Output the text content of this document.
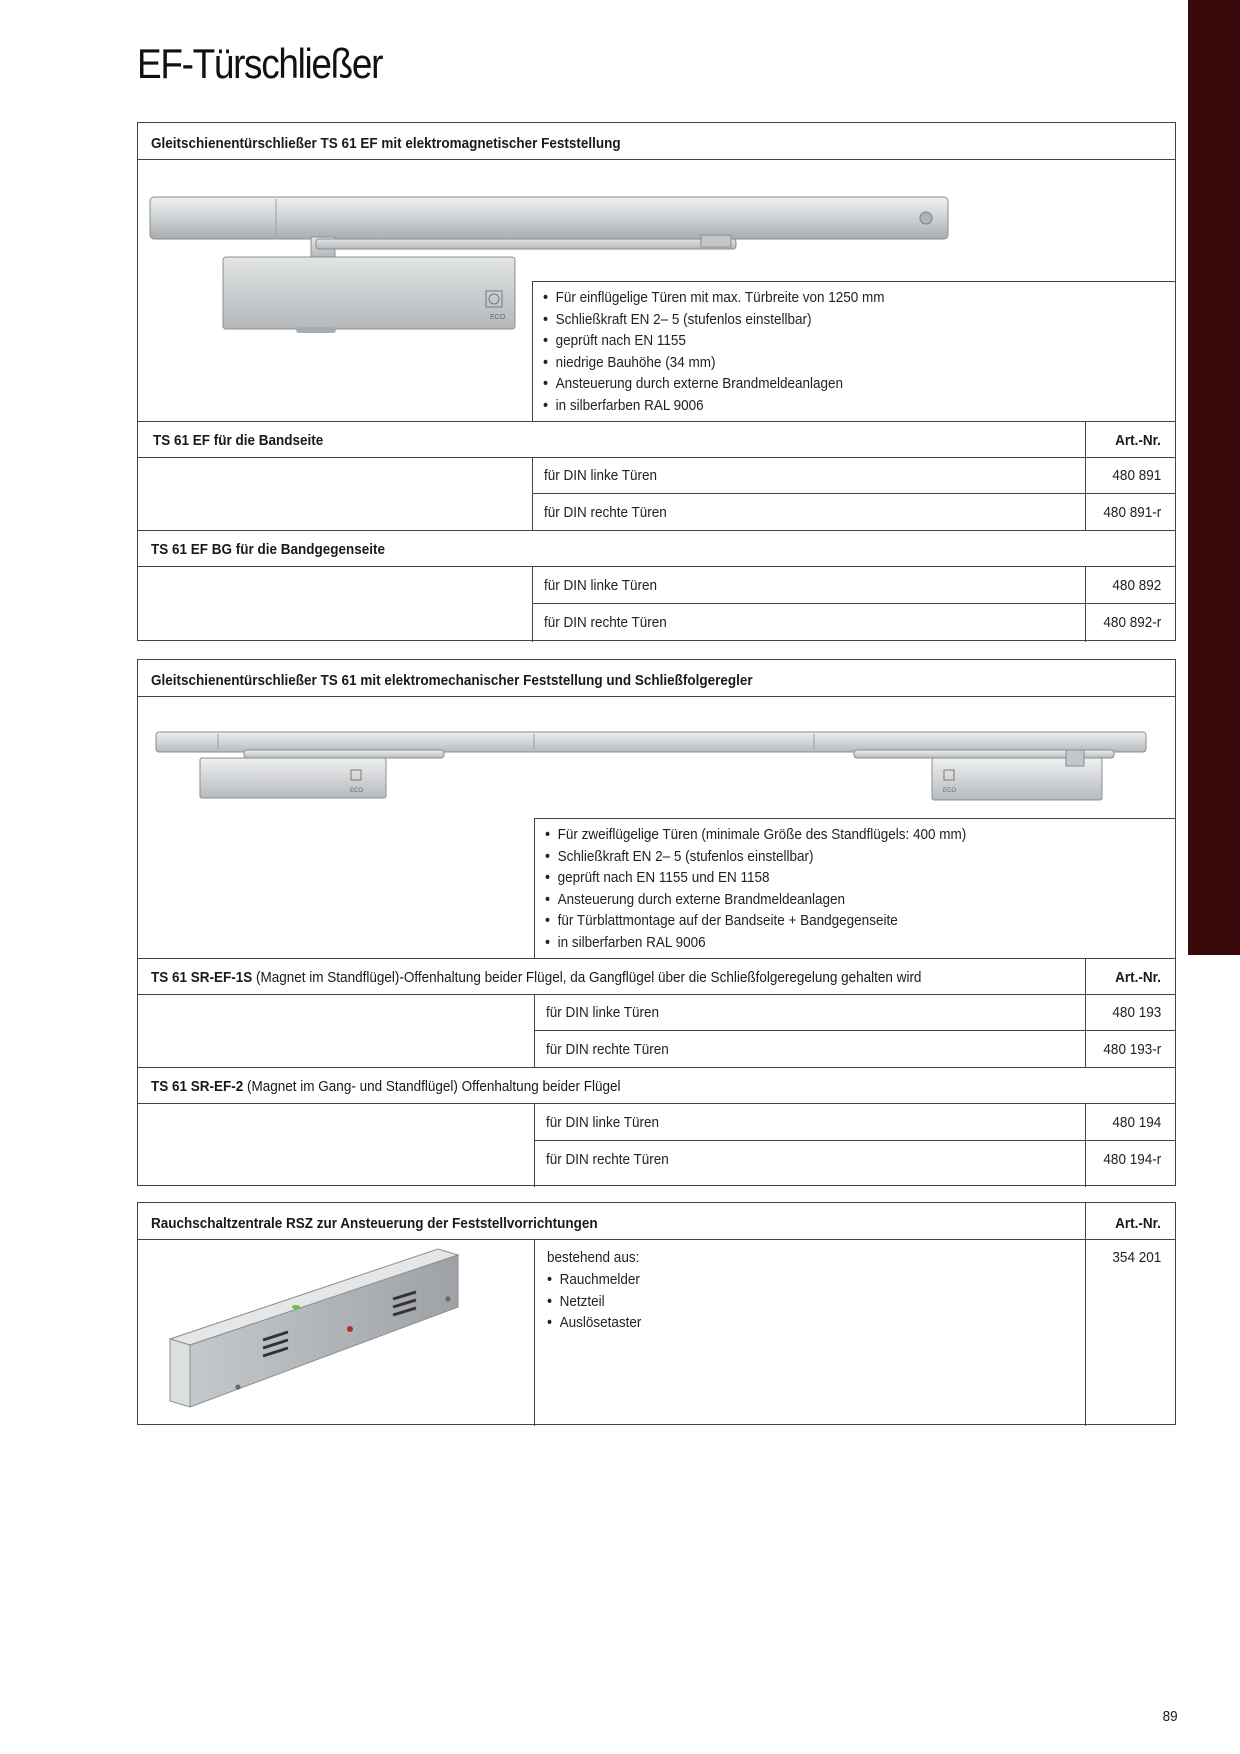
EF-Türschließer
Gleitschienentürschließer TS 61 EF mit elektromagnetischer Feststellung
ECO
• Für einflügelige Türen mit max. Türbreite von 1250 mm
• Schließkraft EN 2– 5 (stufenlos einstellbar)
• geprüft nach EN 1155
• niedrige Bauhöhe (34 mm)
• Ansteuerung durch externe Brandmeldeanlagen
• in silberfarben RAL 9006
TS 61 EF für die Bandseite	Art.-Nr.
für DIN linke Türen	480 891
für DIN rechte Türen	480 891-r
TS 61 EF BG für die Bandgegenseite
für DIN linke Türen	480 892
für DIN rechte Türen	480 892-r
Gleitschienentürschließer TS 61 mit elektromechanischer Feststellung und Schließfolgeregler
ECO	ECO
• Für zweiflügelige Türen (minimale Größe des Standflügels: 400 mm)
• Schließkraft EN 2– 5 (stufenlos einstellbar)
• geprüft nach EN 1155 und EN 1158
• Ansteuerung durch externe Brandmeldeanlagen
• für Türblattmontage auf der Bandseite + Bandgegenseite
• in silberfarben RAL 9006
TS 61 SR-EF-1S (Magnet im Standflügel)-Offenhaltung beider Flügel, da Gangflügel über die Schließfolgeregelung gehalten wird	Art.-Nr.
für DIN linke Türen	480 193
für DIN rechte Türen	480 193-r
TS 61 SR-EF-2 (Magnet im Gang- und Standflügel) Offenhaltung beider Flügel
für DIN linke Türen	480 194
für DIN rechte Türen	480 194-r
Rauchschaltzentrale RSZ zur Ansteuerung der Feststellvorrichtungen	Art.-Nr.
bestehend aus:
• Rauchmelder
• Netzteil
• Auslösetaster
354 201
89
